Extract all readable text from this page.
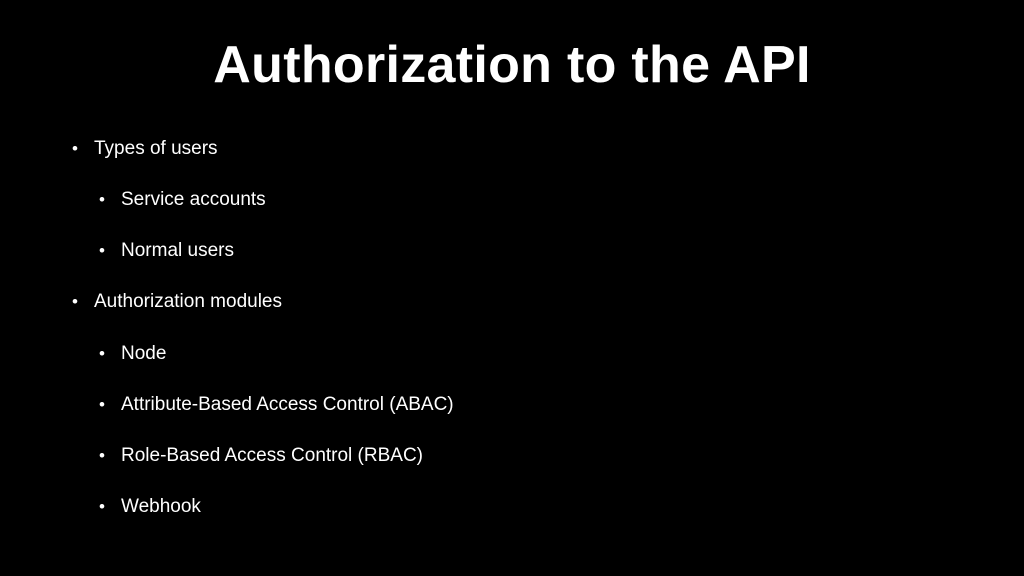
Authorization to the API
• Types of users
• Service accounts
• Normal users
• Authorization modules
• Node
• Attribute-Based Access Control (ABAC)
• Role-Based Access Control (RBAC)
• Webhook
